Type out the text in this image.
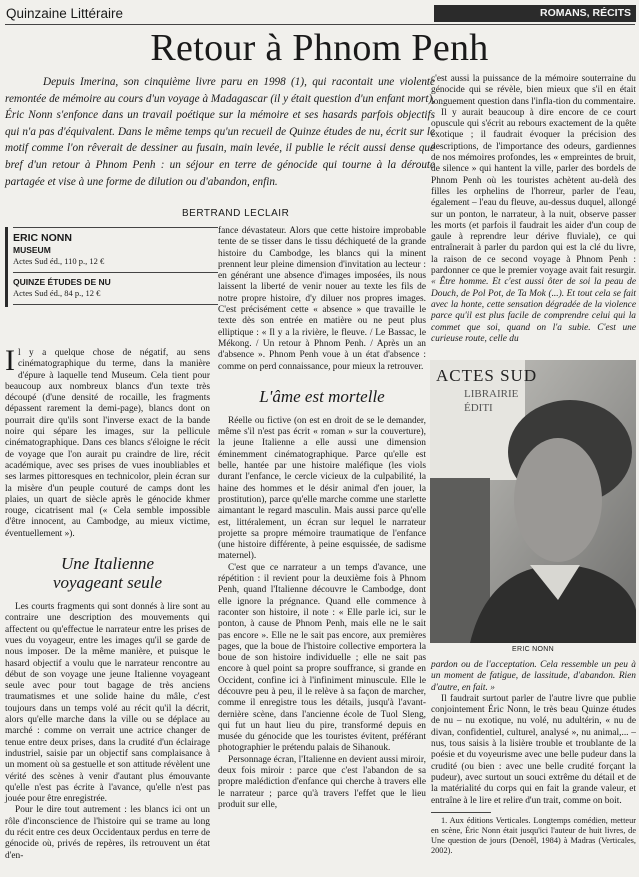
Quinzaine Littéraire	ROMANS, RÉCITS
Retour à Phnom Penh

Depuis Imerina, son cinquième livre paru en 1998 (1), qui racontait une violente remontée de mémoire au cours d'un voyage à Madagascar (il y était question d'un enfant mort), Éric Nonn s'enfonce dans un travail poétique sur la mémoire et ses hasards parfois objectifs qui n'a pas d'équivalent. Dans le même temps qu'un recueil de Quinze études de nu, écrit sur le motif comme l'on rêverait de dessiner au fusain, main levée, il publie le récit aussi dense que bref d'un retour à Phnom Penh : un séjour en terre de génocide qui tourne à la déroute partagée et vise à une forme de dilution ou d'abandon, enfin.

BERTRAND LECLAIR
ERIC NONN
MUSEUM
Actes Sud éd., 110 p., 12 €
QUINZE ÉTUDES DE NU
Actes Sud éd., 84 p., 12 €

Il y a quelque chose de négatif, au sens cinématographique du terme, dans la manière d'épure à laquelle tend Museum. Cela tient pour beaucoup aux nombreux blancs d'un texte très découpé (d'une densité de rocaille, les fragments dépassent rarement la demi-page), blancs dont on pourrait dire qu'ils sont l'inverse exact de la bande noire qui sépare les images, sur la pellicule cinématographique. Dans ces blancs s'éloigne le récit de voyage que l'on aurait pu craindre de lire, récit académique, avec ses prises de vues inoubliables et ses larmes pittoresques en technicolor, plein écran sur la misère d'un peuple couturé de camps dont les plaies, un quart de siècle après le génocide khmer rouge, cicatrisent mal (« Cela semble impossible d'être innocent, au Cambodge, au mieux victime, éventuellement »).

Une Italienne
voyageant seule

Les courts fragments qui sont donnés à lire sont au contraire une description des mouvements qui affectent ou qu'effectue le narrateur entre les prises de vues du voyageur, entre les images qu'il se garde de nous imposer. De la même manière, et puisque le hasard objectif a voulu que le narrateur rencontre au début de son voyage une jeune Italienne voyageant seule avec pour tout bagage de très anciens traumatismes et une solide haine du mâle, c'est toujours dans un temps volé au récit qu'il la décrit, alors qu'elle marche dans la ville ou se déplace au marché : comme on verrait une actrice changer de tenue entre deux prises, dans la crudité d'un éclairage industriel, saisie par un objectif sans complaisance à un moment où sa gestuelle et son attitude révèlent une vérité des scènes à venir d'autant plus émouvante qu'elle n'est pas écrite à l'avance, qu'elle n'est pas jouée pour être enregistrée.

Pour le dire tout autrement : les blancs ici ont un rôle d'inconscience de l'histoire qui se trame au long du récit entre ces deux Occidentaux perdus en terre de génocide où, privés de repères, ils retrouvent un état d'en-

fance dévastateur. Alors que cette histoire improbable tente de se tisser dans le tissu déchiqueté de la grande histoire du Cambodge, les blancs qui la minent prennent leur pleine dimension d'invitation au lecteur : en générant une absence d'images imposées, ils nous laissent la liberté de venir nouer au texte les fils de notre propre histoire, d'y diluer nos propres images. C'est précisément cette « absence » que travaille le texte dès son entrée en matière ou ne peut plus elliptique : « Il y a la rivière, le fleuve. / Le Bassac, le Mékong. / Un retour à Phnom Penh. / Après un an d'absence ». Phnom Penh voue à un état d'absence : comme on perd connaissance, pour mieux la retrouver.

L'âme est mortelle

Réelle ou fictive (on est en droit de se le demander, même s'il n'est pas écrit « roman » sur la couverture), la jeune Italienne a elle aussi une dimension éminemment cinématographique. Parce qu'elle est belle, hantée par une histoire maléfique (les viols durant l'enfance, le cercle vicieux de la culpabilité, la haine des hommes et le désir animal d'en jouer, la prostitution), parce qu'elle marche comme une starlette aimantant le regard masculin. Mais aussi parce qu'elle est, littéralement, un écran sur lequel le narrateur projette sa propre mémoire traumatique de l'enfance (une histoire différente, à peine esquissée, de sadisme maternel).

C'est que ce narrateur a un temps d'avance, une répétition : il revient pour la deuxième fois à Phnom Penh, quand l'Italienne découvre le Cambodge, dont elle ignore la prégnance. Quand elle commence à raconter son histoire, il note : « Elle parle ici, sur le ponton, à cause de Phnom Penh, mais elle ne le sait pas encore ». Elle ne le sait pas encore, aux premières pages, que la boue de l'histoire collective emportera la boue de son histoire individuelle ; elle ne sait pas encore à quel point sa propre souffrance, si grande en Occident, confine ici à l'infiniment minuscule. Elle le découvre peu à peu, il le relève à sa façon de marcher, comme il enregistre tous les détails, jusqu'à l'avant-dernière scène, dans l'ancienne école de Tuol Sleng, qui fut un haut lieu du pire, transformé depuis en musée du génocide que les touristes évitent, préférant photographier le prétendu palais de Sihanouk.

Personnage écran, l'Italienne en devient aussi miroir, deux fois miroir : parce que c'est l'abandon de sa propre malédiction d'enfance qui cherche à travers elle le narrateur ; parce qu'à travers l'effet que le lieu produit sur elle,

c'est aussi la puissance de la mémoire souterraine du génocide qui se révèle, bien mieux que s'il en était longuement question dans l'infla-tion du commentaire.

Il y aurait beaucoup à dire encore de ce court opuscule qui s'écrit au rebours exactement de la quête exotique ; il faudrait évoquer la précision des descriptions, de l'importance des odeurs, gardiennes de nos mémoires profondes, les « empreintes de bruit, de silence » qui hantent la ville, parler des bordels de Phnom Penh où les touristes achètent au-delà des filles les orphelins de l'horreur, parler de l'eau, également – l'eau du fleuve, au-dessus duquel, allongé sur un ponton, le narrateur, à la nuit, observe passer les morts (et parfois il faudrait les aider d'un coup de gaule à reprendre leur dérive fluviale), ce qui entraînerait à parler du pardon qui est la clé du livre, la raison de ce second voyage à Phnom Penh : pardonner ce que le premier voyage avait fait resurgir. « Être homme. Et c'est aussi ôter de soi la peau de Douch, de Pol Pot, de Ta Mok (...). Et tout cela se fait avec la honte, cette sensation dégradée de la violence parce qu'il est plus facile de comprendre celui qui la commet que soi, quand on l'a subie. C'est une curieuse route, celle du

ACTES SUD
LIBRAIRIE
ÉDITI
ERIC NONN

pardon ou de l'acceptation. Cela ressemble un peu à un moment de fatigue, de lassitude, d'abandon. Rien d'autre, en fait. »

Il faudrait surtout parler de l'autre livre que publie conjointement Éric Nonn, le très beau Quinze études de nu – nu exotique, nu volé, nu adultérin, « nu de divan, confidentiel, culturel, analysé », nu animal,... – nus, tous saisis à la lisière trouble et troublante de la poésie et du voyeurisme avec une belle pudeur dans la crudité (ou bien : avec une belle crudité forçant la pudeur), avec surtout un souci extrême du détail et de la matérialité du corps qui en fait la grande valeur, et entraîne à le lire et relire d'un trait, comme on boit.

1. Aux éditions Verticales. Longtemps comédien, metteur en scène, Éric Nonn était jusqu'ici l'auteur de huit livres, de Une question de jours (Denoël, 1984) à Madras (Verticales, 2002).
